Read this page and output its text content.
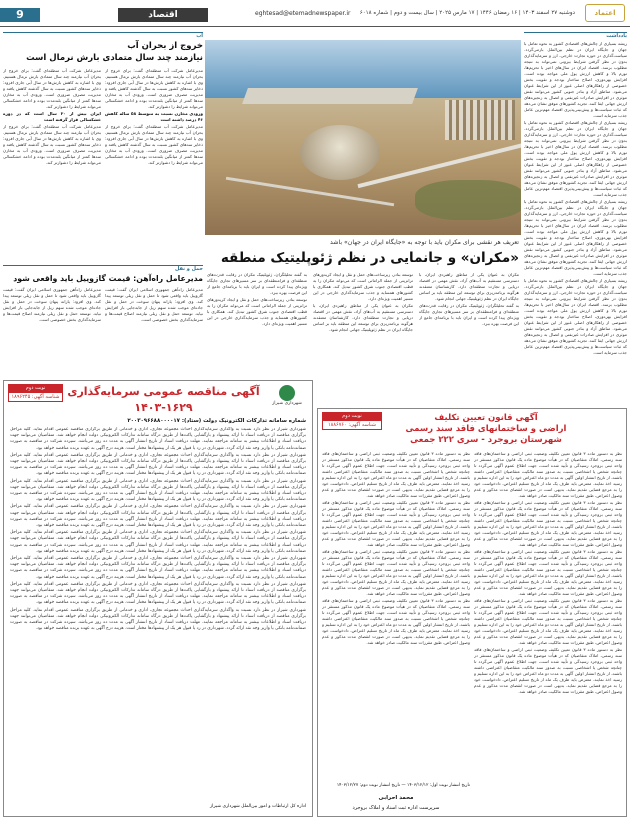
9	اقتصاد	eghtesad@etemadnewspaper.ir	دوشنبه ۲۷ اسفند ۱۴۰۳ | ۱۶ رمضان ۱۴۴۶ | ۱۷ مارس ۲۰۲۵ | سال بیست و دوم | شماره ۶۰۱۸	اعتماد
آب
خروج از بحران آب
نیازمند چند سال متمادی بارش نرمال است

مدیرعامل شرکت آب منطقه‌ای گفت: برای خروج از بحران آب نیازمند چند سال متمادی بارش نرمال هستیم. وی با اشاره به کاهش بارش‌ها در سال آبی جاری افزود: ذخایر سدهای کشور نسبت به سال گذشته کاهش یافته و مدیریت مصرف ضروری است. ورودی آب به مخازن سدها کمتر از میانگین بلندمدت بوده و ادامه خشکسالی می‌تواند شرایط را دشوارتر کند.

ورودی مخازن نسبت به متوسط ۵۸ ساله کاهش ۴۶ درصد داشته است

مدیرعامل شرکت آب منطقه‌ای گفت: برای خروج از بحران آب نیازمند چند سال متمادی بارش نرمال هستیم. وی با اشاره به کاهش بارش‌ها در سال آبی جاری افزود: ذخایر سدهای کشور نسبت به سال گذشته کاهش یافته و مدیریت مصرف ضروری است. ورودی آب به مخازن سدها کمتر از میانگین بلندمدت بوده و ادامه خشکسالی می‌تواند شرایط را دشوارتر کند.

مدیرعامل شرکت آب منطقه‌ای گفت: برای خروج از بحران آب نیازمند چند سال متمادی بارش نرمال هستیم. وی با اشاره به کاهش بارش‌ها در سال آبی جاری افزود: ذخایر سدهای کشور نسبت به سال گذشته کاهش یافته و مدیریت مصرف ضروری است. ورودی آب به مخازن سدها کمتر از میانگین بلندمدت بوده و ادامه خشکسالی می‌تواند شرایط را دشوارتر کند.

ایران بیش از ۳۰ سال است که در دوره خشکسالی قرار گرفته است

مدیرعامل شرکت آب منطقه‌ای گفت: برای خروج از بحران آب نیازمند چند سال متمادی بارش نرمال هستیم. وی با اشاره به کاهش بارش‌ها در سال آبی جاری افزود: ذخایر سدهای کشور نسبت به سال گذشته کاهش یافته و مدیریت مصرف ضروری است. ورودی آب به مخازن سدها کمتر از میانگین بلندمدت بوده و ادامه خشکسالی می‌تواند شرایط را دشوارتر کند.

حمل و نقل
مدیرعامل راه‌آهن: قیمت گازوییل باید واقعی شود
مدیرعامل راه‌آهن جمهوری اسلامی ایران گفت: قیمت گازوییل باید واقعی شود تا حمل و نقل ریلی توسعه پیدا کند. وی افزود: یارانه پنهان سوخت در حمل و نقل جاده‌ای موجب شده سهم ریل از جابه‌جایی بار افزایش نیابد. توسعه حمل و نقل ریلی نیازمند اصلاح قیمت‌ها و سرمایه‌گذاری بخش خصوصی است.
مدیرعامل راه‌آهن جمهوری اسلامی ایران گفت: قیمت گازوییل باید واقعی شود تا حمل و نقل ریلی توسعه پیدا کند. وی افزود: یارانه پنهان سوخت در حمل و نقل جاده‌ای موجب شده سهم ریل از جابه‌جایی بار افزایش نیابد. توسعه حمل و نقل ریلی نیازمند اصلاح قیمت‌ها و سرمایه‌گذاری بخش خصوصی است.
تعریف هر نقشی برای مکران باید با توجه به «جایگاه ایران در جهان» باشد
«مکران» و جانمایی در نظم ژئوپلیتیک منطقه

مکران به عنوان یکی از مناطق راهبردی ایران، با دسترسی مستقیم به آب‌های آزاد، نقش مهمی در اقتصاد دریایی و تجارت منطقه‌ای دارد. کارشناسان معتقدند هرگونه برنامه‌ریزی برای توسعه این منطقه باید بر اساس جایگاه ایران در نظم ژئوپلیتیک جهانی انجام شود.

به گفته تحلیلگران، ژئوپلیتیک مکران در رقابت قدرت‌های منطقه‌ای و فرامنطقه‌ای بر سر مسیرهای تجاری جایگاه ویژه‌ای پیدا کرده است و ایران باید با برنامه‌ای جامع از این فرصت بهره ببرد.

توسعه بنادر، زیرساخت‌های حمل و نقل و ایجاد کریدورهای ترانزیتی از جمله الزاماتی است که می‌تواند مکران را به قطب اقتصادی جنوب شرق کشور تبدیل کند. همکاری با کشورهای همسایه و جذب سرمایه‌گذاری خارجی در این مسیر اهمیت ویژه‌ای دارد.

مکران به عنوان یکی از مناطق راهبردی ایران، با دسترسی مستقیم به آب‌های آزاد، نقش مهمی در اقتصاد دریایی و تجارت منطقه‌ای دارد. کارشناسان معتقدند هرگونه برنامه‌ریزی برای توسعه این منطقه باید بر اساس جایگاه ایران در نظم ژئوپلیتیک جهانی انجام شود.

به گفته تحلیلگران، ژئوپلیتیک مکران در رقابت قدرت‌های منطقه‌ای و فرامنطقه‌ای بر سر مسیرهای تجاری جایگاه ویژه‌ای پیدا کرده است و ایران باید با برنامه‌ای جامع از این فرصت بهره ببرد.

توسعه بنادر، زیرساخت‌های حمل و نقل و ایجاد کریدورهای ترانزیتی از جمله الزاماتی است که می‌تواند مکران را به قطب اقتصادی جنوب شرق کشور تبدیل کند. همکاری با کشورهای همسایه و جذب سرمایه‌گذاری خارجی در این مسیر اهمیت ویژه‌ای دارد.

یادداشت

ریشه بسیاری از چالش‌های اقتصادی کشور به نحوه تعامل با جهان و جایگاه ایران در نظم بین‌الملل بازمی‌گردد. سیاست‌گذاری در حوزه تجارت خارجی، ارز و سرمایه‌گذاری بدون در نظر گرفتن شرایط بیرونی نمی‌تواند به نتیجه مطلوب برسد. اقتصاد ایران در سال‌های اخیر با تحریم‌ها، تورم بالا و کاهش ارزش پول ملی مواجه بوده است. افزایش بهره‌وری، اصلاح ساختار بودجه و تقویت بخش خصوصی از راهکارهای اصلی عبور از این شرایط عنوان می‌شود. مناطق آزاد و بنادر جنوبی کشور می‌توانند نقش موثری در افزایش صادرات غیرنفتی و اتصال به زنجیره‌های ارزش جهانی ایفا کنند. تجربه کشورهای موفق نشان می‌دهد که ثبات سیاست‌ها و پیش‌بینی‌پذیری اقتصاد مهم‌ترین عامل جذب سرمایه است.

ریشه بسیاری از چالش‌های اقتصادی کشور به نحوه تعامل با جهان و جایگاه ایران در نظم بین‌الملل بازمی‌گردد. سیاست‌گذاری در حوزه تجارت خارجی، ارز و سرمایه‌گذاری بدون در نظر گرفتن شرایط بیرونی نمی‌تواند به نتیجه مطلوب برسد. اقتصاد ایران در سال‌های اخیر با تحریم‌ها، تورم بالا و کاهش ارزش پول ملی مواجه بوده است. افزایش بهره‌وری، اصلاح ساختار بودجه و تقویت بخش خصوصی از راهکارهای اصلی عبور از این شرایط عنوان می‌شود. مناطق آزاد و بنادر جنوبی کشور می‌توانند نقش موثری در افزایش صادرات غیرنفتی و اتصال به زنجیره‌های ارزش جهانی ایفا کنند. تجربه کشورهای موفق نشان می‌دهد که ثبات سیاست‌ها و پیش‌بینی‌پذیری اقتصاد مهم‌ترین عامل جذب سرمایه است.

ریشه بسیاری از چالش‌های اقتصادی کشور به نحوه تعامل با جهان و جایگاه ایران در نظم بین‌الملل بازمی‌گردد. سیاست‌گذاری در حوزه تجارت خارجی، ارز و سرمایه‌گذاری بدون در نظر گرفتن شرایط بیرونی نمی‌تواند به نتیجه مطلوب برسد. اقتصاد ایران در سال‌های اخیر با تحریم‌ها، تورم بالا و کاهش ارزش پول ملی مواجه بوده است. افزایش بهره‌وری، اصلاح ساختار بودجه و تقویت بخش خصوصی از راهکارهای اصلی عبور از این شرایط عنوان می‌شود. مناطق آزاد و بنادر جنوبی کشور می‌توانند نقش موثری در افزایش صادرات غیرنفتی و اتصال به زنجیره‌های ارزش جهانی ایفا کنند. تجربه کشورهای موفق نشان می‌دهد که ثبات سیاست‌ها و پیش‌بینی‌پذیری اقتصاد مهم‌ترین عامل جذب سرمایه است.

ریشه بسیاری از چالش‌های اقتصادی کشور به نحوه تعامل با جهان و جایگاه ایران در نظم بین‌الملل بازمی‌گردد. سیاست‌گذاری در حوزه تجارت خارجی، ارز و سرمایه‌گذاری بدون در نظر گرفتن شرایط بیرونی نمی‌تواند به نتیجه مطلوب برسد. اقتصاد ایران در سال‌های اخیر با تحریم‌ها، تورم بالا و کاهش ارزش پول ملی مواجه بوده است. افزایش بهره‌وری، اصلاح ساختار بودجه و تقویت بخش خصوصی از راهکارهای اصلی عبور از این شرایط عنوان می‌شود. مناطق آزاد و بنادر جنوبی کشور می‌توانند نقش موثری در افزایش صادرات غیرنفتی و اتصال به زنجیره‌های ارزش جهانی ایفا کنند. تجربه کشورهای موفق نشان می‌دهد که ثبات سیاست‌ها و پیش‌بینی‌پذیری اقتصاد مهم‌ترین عامل جذب سرمایه است.

نوبت دوم
شناسه آگهی: ۱۸۹۶۲۴۵ آگهی مناقصه عمومی سرمایه‌گذاری
۱۴۰۳-۱۶۲۹	شهرداری شیراز
شماره سامانه تدارکات الکترونیک دولت (ستاد): ۲۰۰۳۰۹۶۶۸۸۰۰۰۰۱۷

شهرداری شیراز در نظر دارد نسبت به واگذاری سرمایه‌گذاری احداث مجموعه تجاری، اداری و خدماتی از طریق برگزاری مناقصه عمومی اقدام نماید. کلیه مراحل برگزاری مناقصه از دریافت اسناد تا ارائه پیشنهاد و بازگشایی پاکت‌ها از طریق درگاه سامانه تدارکات الکترونیکی دولت انجام خواهد شد. متقاضیان می‌توانند جهت دریافت اسناد و اطلاعات بیشتر به سامانه مراجعه نمایند. مهلت دریافت اسناد از تاریخ انتشار آگهی به مدت ده روز می‌باشد. سپرده شرکت در مناقصه به صورت ضمانت‌نامه بانکی یا واریز وجه نقد ارائه گردد. شهرداری در رد یا قبول هر یک از پیشنهادها مختار است. هزینه درج آگهی به عهده برنده مناقصه خواهد بود.

شهرداری شیراز در نظر دارد نسبت به واگذاری سرمایه‌گذاری احداث مجموعه تجاری، اداری و خدماتی از طریق برگزاری مناقصه عمومی اقدام نماید. کلیه مراحل برگزاری مناقصه از دریافت اسناد تا ارائه پیشنهاد و بازگشایی پاکت‌ها از طریق درگاه سامانه تدارکات الکترونیکی دولت انجام خواهد شد. متقاضیان می‌توانند جهت دریافت اسناد و اطلاعات بیشتر به سامانه مراجعه نمایند. مهلت دریافت اسناد از تاریخ انتشار آگهی به مدت ده روز می‌باشد. سپرده شرکت در مناقصه به صورت ضمانت‌نامه بانکی یا واریز وجه نقد ارائه گردد. شهرداری در رد یا قبول هر یک از پیشنهادها مختار است. هزینه درج آگهی به عهده برنده مناقصه خواهد بود.

شهرداری شیراز در نظر دارد نسبت به واگذاری سرمایه‌گذاری احداث مجموعه تجاری، اداری و خدماتی از طریق برگزاری مناقصه عمومی اقدام نماید. کلیه مراحل برگزاری مناقصه از دریافت اسناد تا ارائه پیشنهاد و بازگشایی پاکت‌ها از طریق درگاه سامانه تدارکات الکترونیکی دولت انجام خواهد شد. متقاضیان می‌توانند جهت دریافت اسناد و اطلاعات بیشتر به سامانه مراجعه نمایند. مهلت دریافت اسناد از تاریخ انتشار آگهی به مدت ده روز می‌باشد. سپرده شرکت در مناقصه به صورت ضمانت‌نامه بانکی یا واریز وجه نقد ارائه گردد. شهرداری در رد یا قبول هر یک از پیشنهادها مختار است. هزینه درج آگهی به عهده برنده مناقصه خواهد بود.

شهرداری شیراز در نظر دارد نسبت به واگذاری سرمایه‌گذاری احداث مجموعه تجاری، اداری و خدماتی از طریق برگزاری مناقصه عمومی اقدام نماید. کلیه مراحل برگزاری مناقصه از دریافت اسناد تا ارائه پیشنهاد و بازگشایی پاکت‌ها از طریق درگاه سامانه تدارکات الکترونیکی دولت انجام خواهد شد. متقاضیان می‌توانند جهت دریافت اسناد و اطلاعات بیشتر به سامانه مراجعه نمایند. مهلت دریافت اسناد از تاریخ انتشار آگهی به مدت ده روز می‌باشد. سپرده شرکت در مناقصه به صورت ضمانت‌نامه بانکی یا واریز وجه نقد ارائه گردد. شهرداری در رد یا قبول هر یک از پیشنهادها مختار است. هزینه درج آگهی به عهده برنده مناقصه خواهد بود.

شهرداری شیراز در نظر دارد نسبت به واگذاری سرمایه‌گذاری احداث مجموعه تجاری، اداری و خدماتی از طریق برگزاری مناقصه عمومی اقدام نماید. کلیه مراحل برگزاری مناقصه از دریافت اسناد تا ارائه پیشنهاد و بازگشایی پاکت‌ها از طریق درگاه سامانه تدارکات الکترونیکی دولت انجام خواهد شد. متقاضیان می‌توانند جهت دریافت اسناد و اطلاعات بیشتر به سامانه مراجعه نمایند. مهلت دریافت اسناد از تاریخ انتشار آگهی به مدت ده روز می‌باشد. سپرده شرکت در مناقصه به صورت ضمانت‌نامه بانکی یا واریز وجه نقد ارائه گردد. شهرداری در رد یا قبول هر یک از پیشنهادها مختار است. هزینه درج آگهی به عهده برنده مناقصه خواهد بود.

شهرداری شیراز در نظر دارد نسبت به واگذاری سرمایه‌گذاری احداث مجموعه تجاری، اداری و خدماتی از طریق برگزاری مناقصه عمومی اقدام نماید. کلیه مراحل برگزاری مناقصه از دریافت اسناد تا ارائه پیشنهاد و بازگشایی پاکت‌ها از طریق درگاه سامانه تدارکات الکترونیکی دولت انجام خواهد شد. متقاضیان می‌توانند جهت دریافت اسناد و اطلاعات بیشتر به سامانه مراجعه نمایند. مهلت دریافت اسناد از تاریخ انتشار آگهی به مدت ده روز می‌باشد. سپرده شرکت در مناقصه به صورت ضمانت‌نامه بانکی یا واریز وجه نقد ارائه گردد. شهرداری در رد یا قبول هر یک از پیشنهادها مختار است. هزینه درج آگهی به عهده برنده مناقصه خواهد بود.

شهرداری شیراز در نظر دارد نسبت به واگذاری سرمایه‌گذاری احداث مجموعه تجاری، اداری و خدماتی از طریق برگزاری مناقصه عمومی اقدام نماید. کلیه مراحل برگزاری مناقصه از دریافت اسناد تا ارائه پیشنهاد و بازگشایی پاکت‌ها از طریق درگاه سامانه تدارکات الکترونیکی دولت انجام خواهد شد. متقاضیان می‌توانند جهت دریافت اسناد و اطلاعات بیشتر به سامانه مراجعه نمایند. مهلت دریافت اسناد از تاریخ انتشار آگهی به مدت ده روز می‌باشد. سپرده شرکت در مناقصه به صورت ضمانت‌نامه بانکی یا واریز وجه نقد ارائه گردد. شهرداری در رد یا قبول هر یک از پیشنهادها مختار است. هزینه درج آگهی به عهده برنده مناقصه خواهد بود.

شهرداری شیراز در نظر دارد نسبت به واگذاری سرمایه‌گذاری احداث مجموعه تجاری، اداری و خدماتی از طریق برگزاری مناقصه عمومی اقدام نماید. کلیه مراحل برگزاری مناقصه از دریافت اسناد تا ارائه پیشنهاد و بازگشایی پاکت‌ها از طریق درگاه سامانه تدارکات الکترونیکی دولت انجام خواهد شد. متقاضیان می‌توانند جهت دریافت اسناد و اطلاعات بیشتر به سامانه مراجعه نمایند. مهلت دریافت اسناد از تاریخ انتشار آگهی به مدت ده روز می‌باشد. سپرده شرکت در مناقصه به صورت ضمانت‌نامه بانکی یا واریز وجه نقد ارائه گردد. شهرداری در رد یا قبول هر یک از پیشنهادها مختار است. هزینه درج آگهی به عهده برنده مناقصه خواهد بود.

اداره کل ارتباطات و امور بین‌الملل شهرداری شیراز
نوبت دوم
شناسه آگهی: ۱۸۸۶۷۶۰
آگهی قانون تعیین تکلیف
اراضی و ساختمانهای فاقد سند رسمی
شهرستان بروجرد - سری ۲۲۲ جمعی

نظر به دستور ماده ۳ قانون تعیین تکلیف وضعیت ثبتی اراضی و ساختمان‌های فاقد سند رسمی، املاک متقاضیان که در هیأت موضوع ماده یک قانون مذکور مستقر در واحد ثبتی بروجرد رسیدگی و تأیید شده است، جهت اطلاع عموم آگهی می‌گردد تا چنانچه شخص یا اشخاصی نسبت به صدور سند مالکیت متقاضیان اعتراضی داشته باشند، از تاریخ انتشار اولین آگهی به مدت دو ماه اعتراض خود را به این اداره تسلیم و رسید اخذ نمایند. معترض باید ظرف یک ماه از تاریخ تسلیم اعتراض، دادخواست خود را به مرجع قضایی تقدیم نماید. بدیهی است در صورت انقضای مدت مذکور و عدم وصول اعتراض، طبق مقررات سند مالکیت صادر خواهد شد.

نظر به دستور ماده ۳ قانون تعیین تکلیف وضعیت ثبتی اراضی و ساختمان‌های فاقد سند رسمی، املاک متقاضیان که در هیأت موضوع ماده یک قانون مذکور مستقر در واحد ثبتی بروجرد رسیدگی و تأیید شده است، جهت اطلاع عموم آگهی می‌گردد تا چنانچه شخص یا اشخاصی نسبت به صدور سند مالکیت متقاضیان اعتراضی داشته باشند، از تاریخ انتشار اولین آگهی به مدت دو ماه اعتراض خود را به این اداره تسلیم و رسید اخذ نمایند. معترض باید ظرف یک ماه از تاریخ تسلیم اعتراض، دادخواست خود را به مرجع قضایی تقدیم نماید. بدیهی است در صورت انقضای مدت مذکور و عدم وصول اعتراض، طبق مقررات سند مالکیت صادر خواهد شد.

نظر به دستور ماده ۳ قانون تعیین تکلیف وضعیت ثبتی اراضی و ساختمان‌های فاقد سند رسمی، املاک متقاضیان که در هیأت موضوع ماده یک قانون مذکور مستقر در واحد ثبتی بروجرد رسیدگی و تأیید شده است، جهت اطلاع عموم آگهی می‌گردد تا چنانچه شخص یا اشخاصی نسبت به صدور سند مالکیت متقاضیان اعتراضی داشته باشند، از تاریخ انتشار اولین آگهی به مدت دو ماه اعتراض خود را به این اداره تسلیم و رسید اخذ نمایند. معترض باید ظرف یک ماه از تاریخ تسلیم اعتراض، دادخواست خود را به مرجع قضایی تقدیم نماید. بدیهی است در صورت انقضای مدت مذکور و عدم وصول اعتراض، طبق مقررات سند مالکیت صادر خواهد شد.

نظر به دستور ماده ۳ قانون تعیین تکلیف وضعیت ثبتی اراضی و ساختمان‌های فاقد سند رسمی، املاک متقاضیان که در هیأت موضوع ماده یک قانون مذکور مستقر در واحد ثبتی بروجرد رسیدگی و تأیید شده است، جهت اطلاع عموم آگهی می‌گردد تا چنانچه شخص یا اشخاصی نسبت به صدور سند مالکیت متقاضیان اعتراضی داشته باشند، از تاریخ انتشار اولین آگهی به مدت دو ماه اعتراض خود را به این اداره تسلیم و رسید اخذ نمایند. معترض باید ظرف یک ماه از تاریخ تسلیم اعتراض، دادخواست خود را به مرجع قضایی تقدیم نماید. بدیهی است در صورت انقضای مدت مذکور و عدم وصول اعتراض، طبق مقررات سند مالکیت صادر خواهد شد.

نظر به دستور ماده ۳ قانون تعیین تکلیف وضعیت ثبتی اراضی و ساختمان‌های فاقد سند رسمی، املاک متقاضیان که در هیأت موضوع ماده یک قانون مذکور مستقر در واحد ثبتی بروجرد رسیدگی و تأیید شده است، جهت اطلاع عموم آگهی می‌گردد تا چنانچه شخص یا اشخاصی نسبت به صدور سند مالکیت متقاضیان اعتراضی داشته باشند، از تاریخ انتشار اولین آگهی به مدت دو ماه اعتراض خود را به این اداره تسلیم و رسید اخذ نمایند. معترض باید ظرف یک ماه از تاریخ تسلیم اعتراض، دادخواست خود را به مرجع قضایی تقدیم نماید. بدیهی است در صورت انقضای مدت مذکور و عدم وصول اعتراض، طبق مقررات سند مالکیت صادر خواهد شد.

نظر به دستور ماده ۳ قانون تعیین تکلیف وضعیت ثبتی اراضی و ساختمان‌های فاقد سند رسمی، املاک متقاضیان که در هیأت موضوع ماده یک قانون مذکور مستقر در واحد ثبتی بروجرد رسیدگی و تأیید شده است، جهت اطلاع عموم آگهی می‌گردد تا چنانچه شخص یا اشخاصی نسبت به صدور سند مالکیت متقاضیان اعتراضی داشته باشند، از تاریخ انتشار اولین آگهی به مدت دو ماه اعتراض خود را به این اداره تسلیم و رسید اخذ نمایند. معترض باید ظرف یک ماه از تاریخ تسلیم اعتراض، دادخواست خود را به مرجع قضایی تقدیم نماید. بدیهی است در صورت انقضای مدت مذکور و عدم وصول اعتراض، طبق مقررات سند مالکیت صادر خواهد شد.

نظر به دستور ماده ۳ قانون تعیین تکلیف وضعیت ثبتی اراضی و ساختمان‌های فاقد سند رسمی، املاک متقاضیان که در هیأت موضوع ماده یک قانون مذکور مستقر در واحد ثبتی بروجرد رسیدگی و تأیید شده است، جهت اطلاع عموم آگهی می‌گردد تا چنانچه شخص یا اشخاصی نسبت به صدور سند مالکیت متقاضیان اعتراضی داشته باشند، از تاریخ انتشار اولین آگهی به مدت دو ماه اعتراض خود را به این اداره تسلیم و رسید اخذ نمایند. معترض باید ظرف یک ماه از تاریخ تسلیم اعتراض، دادخواست خود را به مرجع قضایی تقدیم نماید. بدیهی است در صورت انقضای مدت مذکور و عدم وصول اعتراض، طبق مقررات سند مالکیت صادر خواهد شد.

نظر به دستور ماده ۳ قانون تعیین تکلیف وضعیت ثبتی اراضی و ساختمان‌های فاقد سند رسمی، املاک متقاضیان که در هیأت موضوع ماده یک قانون مذکور مستقر در واحد ثبتی بروجرد رسیدگی و تأیید شده است، جهت اطلاع عموم آگهی می‌گردد تا چنانچه شخص یا اشخاصی نسبت به صدور سند مالکیت متقاضیان اعتراضی داشته باشند، از تاریخ انتشار اولین آگهی به مدت دو ماه اعتراض خود را به این اداره تسلیم و رسید اخذ نمایند. معترض باید ظرف یک ماه از تاریخ تسلیم اعتراض، دادخواست خود را به مرجع قضایی تقدیم نماید. بدیهی است در صورت انقضای مدت مذکور و عدم وصول اعتراض، طبق مقررات سند مالکیت صادر خواهد شد.

نظر به دستور ماده ۳ قانون تعیین تکلیف وضعیت ثبتی اراضی و ساختمان‌های فاقد سند رسمی، املاک متقاضیان که در هیأت موضوع ماده یک قانون مذکور مستقر در واحد ثبتی بروجرد رسیدگی و تأیید شده است، جهت اطلاع عموم آگهی می‌گردد تا چنانچه شخص یا اشخاصی نسبت به صدور سند مالکیت متقاضیان اعتراضی داشته باشند، از تاریخ انتشار اولین آگهی به مدت دو ماه اعتراض خود را به این اداره تسلیم و رسید اخذ نمایند. معترض باید ظرف یک ماه از تاریخ تسلیم اعتراض، دادخواست خود را به مرجع قضایی تقدیم نماید. بدیهی است در صورت انقضای مدت مذکور و عدم وصول اعتراض، طبق مقررات سند مالکیت صادر خواهد شد.

تاریخ انتشار نوبت اول: ۱۴۰۳/۱۲/۱۲ — تاریخ انتشار نوبت دوم: ۱۴۰۳/۱۲/۲۷
محمد احرابی
سرپرست اداره ثبت اسناد و املاک بروجرد
